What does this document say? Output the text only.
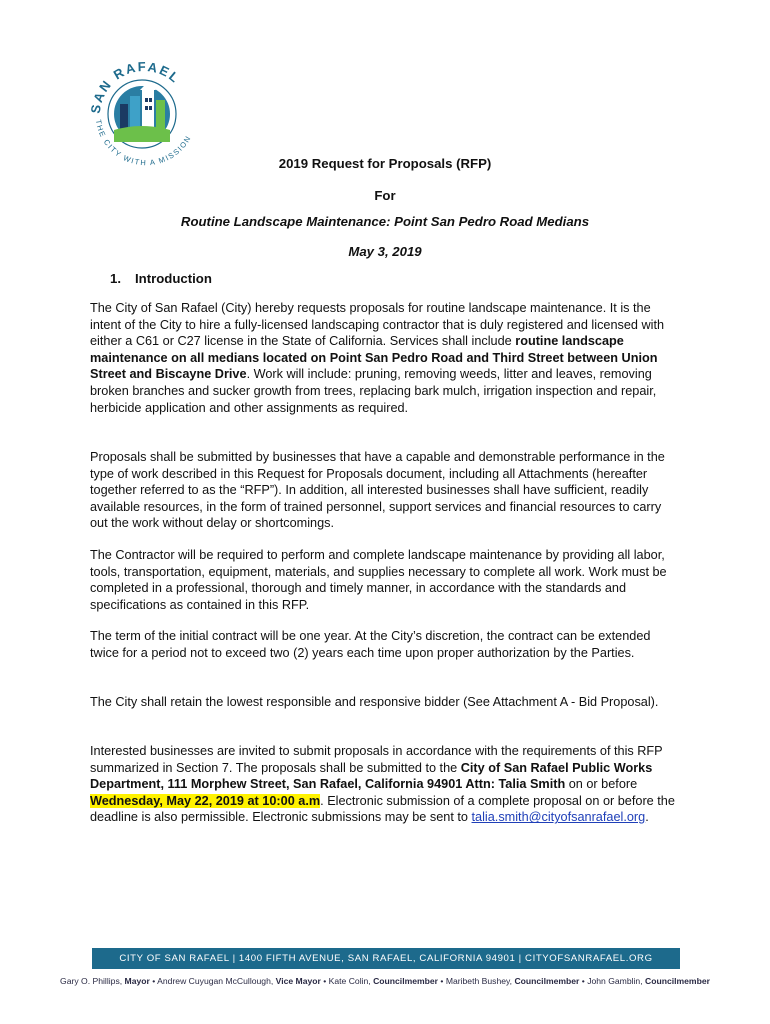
SAN RAFAEL
THE CITY WITH A MISSION
2019 Request for Proposals (RFP)
For
Routine Landscape Maintenance: Point San Pedro Road Medians
May 3, 2019
1. Introduction

The City of San Rafael (City) hereby requests proposals for routine landscape maintenance. It is the intent of the City to hire a fully-licensed landscaping contractor that is duly registered and licensed with either a C61 or C27 license in the State of California. Services shall include routine landscape maintenance on all medians located on Point San Pedro Road and Third Street between Union Street and Biscayne Drive. Work will include: pruning, removing weeds, litter and leaves, removing broken branches and sucker growth from trees, replacing bark mulch, irrigation inspection and repair, herbicide application and other assignments as required.

Proposals shall be submitted by businesses that have a capable and demonstrable performance in the type of work described in this Request for Proposals document, including all Attachments (hereafter together referred to as the “RFP”). In addition, all interested businesses shall have sufficient, readily available resources, in the form of trained personnel, support services and financial resources to carry out the work without delay or shortcomings.

The Contractor will be required to perform and complete landscape maintenance by providing all labor, tools, transportation, equipment, materials, and supplies necessary to complete all work. Work must be completed in a professional, thorough and timely manner, in accordance with the standards and specifications as contained in this RFP.

The term of the initial contract will be one year. At the City’s discretion, the contract can be extended twice for a period not to exceed two (2) years each time upon proper authorization by the Parties.

The City shall retain the lowest responsible and responsive bidder (See Attachment A - Bid Proposal).

Interested businesses are invited to submit proposals in accordance with the requirements of this RFP summarized in Section 7. The proposals shall be submitted to the City of San Rafael Public Works Department, 111 Morphew Street, San Rafael, California 94901 Attn: Talia Smith on or before Wednesday, May 22, 2019 at 10:00 a.m. Electronic submission of a complete proposal on or before the deadline is also permissible. Electronic submissions may be sent to talia.smith@cityofsanrafael.org.

CITY OF SAN RAFAEL | 1400 FIFTH AVENUE, SAN RAFAEL, CALIFORNIA 94901 | CITYOFSANRAFAEL.ORG
Gary O. Phillips, Mayor • Andrew Cuyugan McCullough, Vice Mayor • Kate Colin, Councilmember • Maribeth Bushey, Councilmember • John Gamblin, Councilmember
